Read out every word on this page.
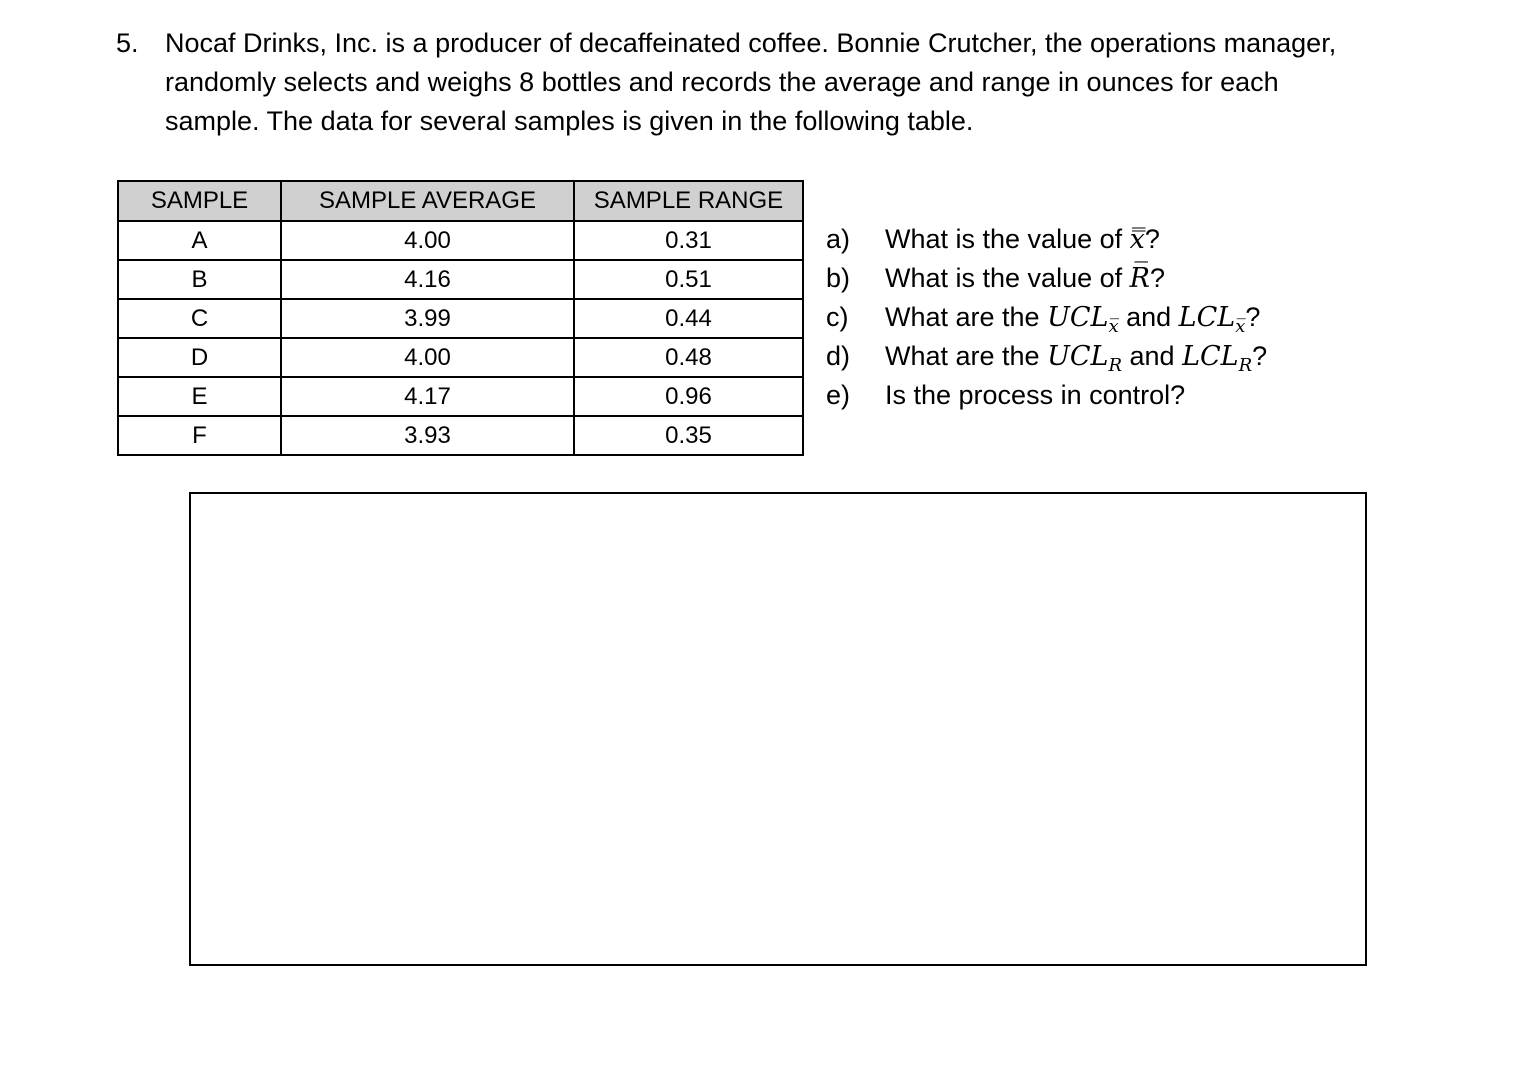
5. Nocaf Drinks, Inc. is a producer of decaffeinated coffee. Bonnie Crutcher, the operations manager, randomly selects and weighs 8 bottles and records the average and range in ounces for each sample. The data for several samples is given in the following table.
SAMPLE	SAMPLE AVERAGE	SAMPLE RANGE
A	4.00	0.31
B	4.16	0.51
C	3.99	0.44
D	4.00	0.48
E	4.17	0.96
F	3.93	0.35
a) What is the value of x̿?
b) What is the value of R̅?
c) What are the $UCL_{x̅}$ and $LCL_{x̅}$?
d) What are the $UCL_R$ and $LCL_R$?
e) Is the process in control?
